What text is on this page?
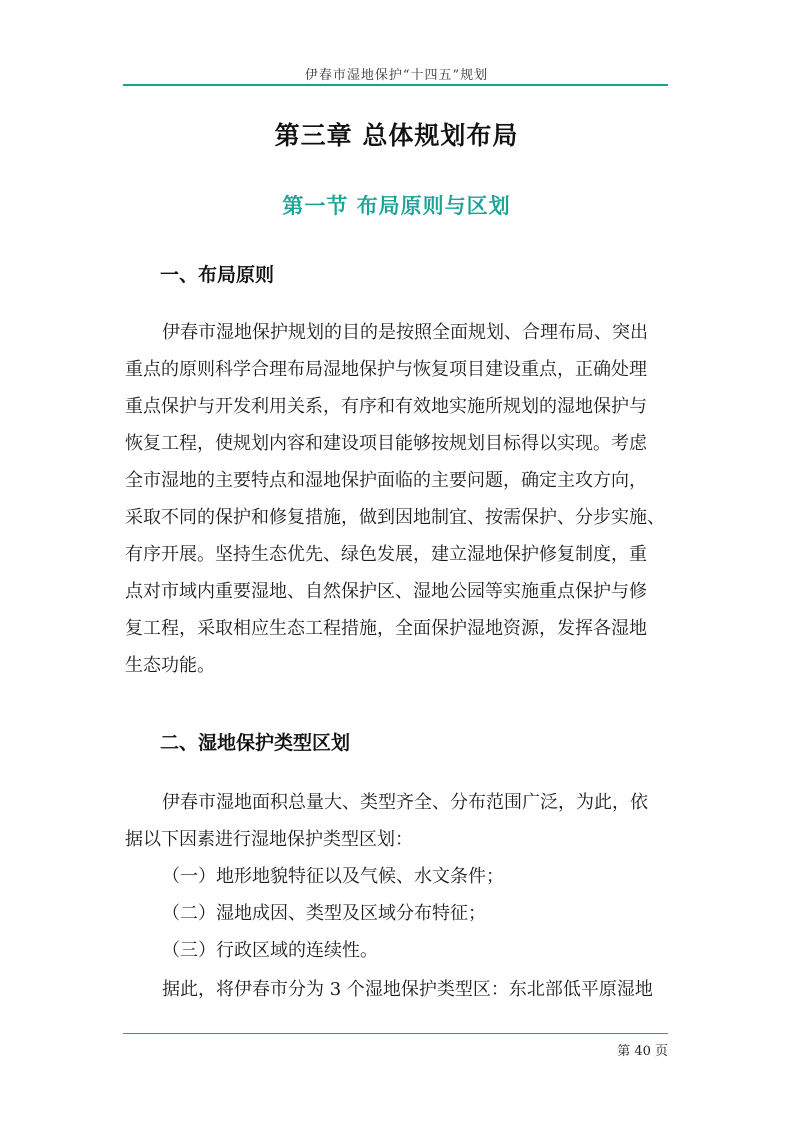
伊春市湿地保护“十四五”规划
第三章 总体规划布局
第一节 布局原则与区划
一、布局原则
伊春市湿地保护规划的目的是按照全面规划、合理布局、突出
重点的原则科学合理布局湿地保护与恢复项目建设重点，正确处理
重点保护与开发利用关系，有序和有效地实施所规划的湿地保护与
恢复工程，使规划内容和建设项目能够按规划目标得以实现。考虑
全市湿地的主要特点和湿地保护面临的主要问题，确定主攻方向，
采取不同的保护和修复措施，做到因地制宜、按需保护、分步实施、
有序开展。坚持生态优先、绿色发展，建立湿地保护修复制度，重
点对市域内重要湿地、自然保护区、湿地公园等实施重点保护与修
复工程，采取相应生态工程措施，全面保护湿地资源，发挥各湿地
生态功能。
二、湿地保护类型区划
伊春市湿地面积总量大、类型齐全、分布范围广泛，为此，依
据以下因素进行湿地保护类型区划：
（一）地形地貌特征以及气候、水文条件；
（二）湿地成因、类型及区域分布特征；
（三）行政区域的连续性。
据此，将伊春市分为 3 个湿地保护类型区：东北部低平原湿地
第 40 页
